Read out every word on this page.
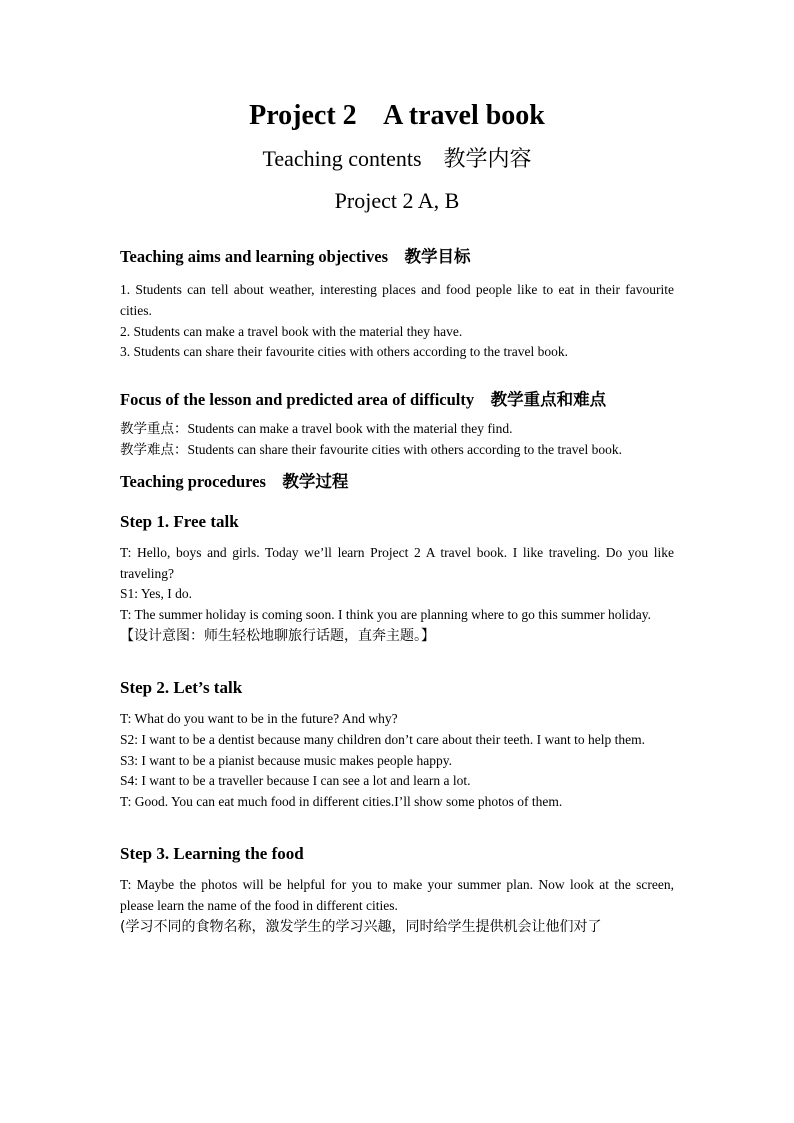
Project 2    A travel book
Teaching contents    教学内容
Project 2 A, B
Teaching aims and learning objectives    教学目标

1. Students can tell about weather, interesting places and food people like to eat in their favourite cities.

2. Students can make a travel book with the material they have.

3. Students can share their favourite cities with others according to the travel book.

Focus of the lesson and predicted area of difficulty    教学重点和难点

教学重点：Students can make a travel book with the material they find.

教学难点：Students can share their favourite cities with others according to the travel book.

Teaching procedures    教学过程
Step 1. Free talk

T: Hello, boys and girls. Today we’ll learn Project 2 A travel book. I like traveling. Do you like traveling?

S1: Yes, I do.

T: The summer holiday is coming soon. I think you are planning where to go this summer holiday.

【设计意图：师生轻松地聊旅行话题，直奔主题。】

Step 2. Let’s talk

T: What do you want to be in the future? And why?

S2: I want to be a dentist because many children don’t care about their teeth. I want to help them.

S3: I want to be a pianist because music makes people happy.

S4: I want to be a traveller because I can see a lot and learn a lot.

T: Good. You can eat much food in different cities.I’ll show some photos of them.

Step 3. Learning the food

T: Maybe the photos will be helpful for you to make your summer plan. Now look at the screen, please learn the name of the food in different cities.

(学习不同的食物名称，激发学生的学习兴趣，同时给学生提供机会让他们对了
